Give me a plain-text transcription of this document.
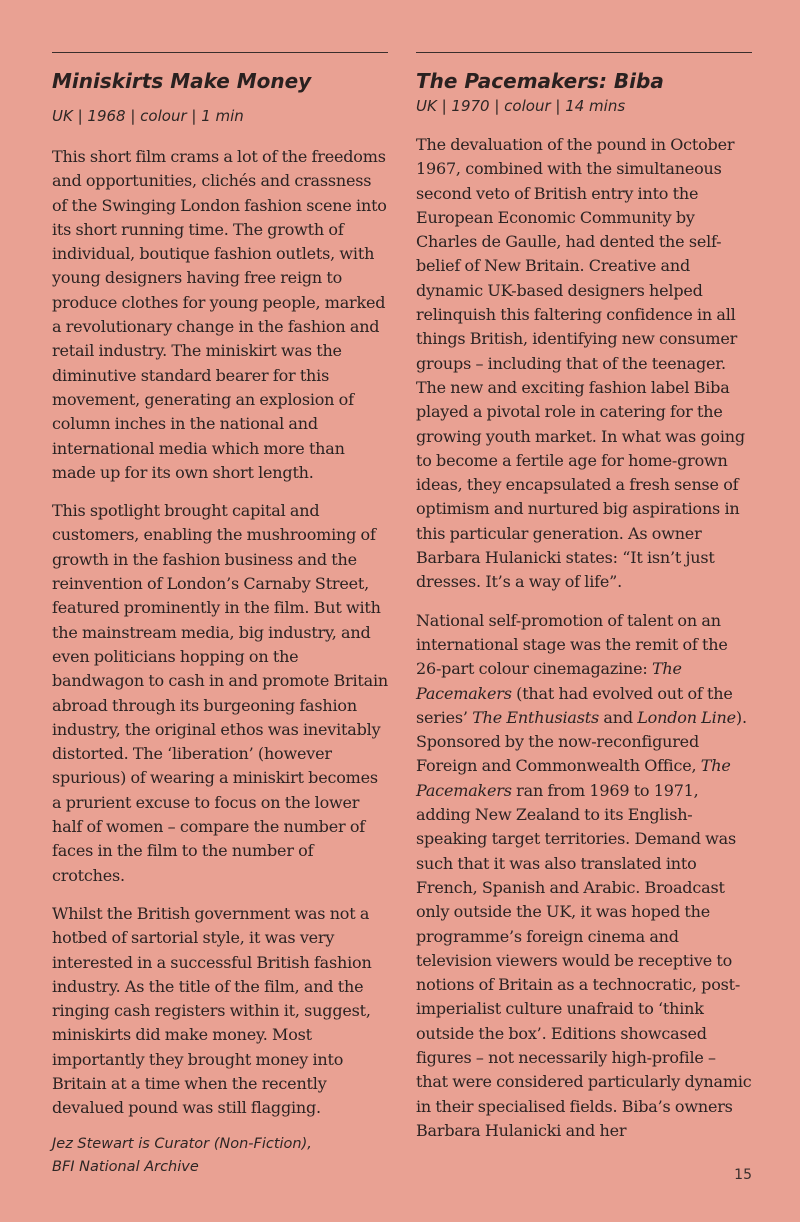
Miniskirts Make Money

UK | 1968 | colour | 1 min

This short film crams a lot of the freedoms and opportunities, clichés and crassness of the Swinging London fashion scene into its short running time. The growth of individual, boutique fashion outlets, with young designers having free reign to produce clothes for young people, marked a revolutionary change in the fashion and retail industry. The miniskirt was the diminutive standard bearer for this movement, generating an explosion of column inches in the national and international media which more than made up for its own short length.

This spotlight brought capital and customers, enabling the mushrooming of growth in the fashion business and the reinvention of London’s Carnaby Street, featured prominently in the film. But with the mainstream media, big industry, and even politicians hopping on the bandwagon to cash in and promote Britain abroad through its burgeoning fashion industry, the original ethos was inevitably distorted. The ‘liberation’ (however spurious) of wearing a miniskirt becomes a prurient excuse to focus on the lower half of women – compare the number of faces in the film to the number of crotches.

Whilst the British government was not a hotbed of sartorial style, it was very interested in a successful British fashion industry. As the title of the film, and the ringing cash registers within it, suggest, miniskirts did make money. Most importantly they brought money into Britain at a time when the recently devalued pound was still flagging.

Jez Stewart is Curator (Non-Fiction),
BFI National Archive

The Pacemakers: Biba

UK | 1970 | colour | 14 mins

The devaluation of the pound in October 1967, combined with the simultaneous second veto of British entry into the European Economic Community by Charles de Gaulle, had dented the self-belief of New Britain. Creative and dynamic UK-based designers helped relinquish this faltering confidence in all things British, identifying new consumer groups – including that of the teenager. The new and exciting fashion label Biba played a pivotal role in catering for the growing youth market. In what was going to become a fertile age for home-grown ideas, they encapsulated a fresh sense of optimism and nurtured big aspirations in this particular generation. As owner Barbara Hulanicki states: “It isn’t just dresses. It’s a way of life”.

National self-promotion of talent on an international stage was the remit of the 26-part colour cinemagazine: The Pacemakers (that had evolved out of the series’ The Enthusiasts and London Line). Sponsored by the now-reconfigured Foreign and Commonwealth Office, The Pacemakers ran from 1969 to 1971, adding New Zealand to its English-speaking target territories. Demand was such that it was also translated into French, Spanish and Arabic. Broadcast only outside the UK, it was hoped the programme’s foreign cinema and television viewers would be receptive to notions of Britain as a technocratic, post-imperialist culture unafraid to ‘think outside the box’. Editions showcased figures – not necessarily high-profile – that were considered particularly dynamic in their specialised fields. Biba’s owners Barbara Hulanicki and her

15
